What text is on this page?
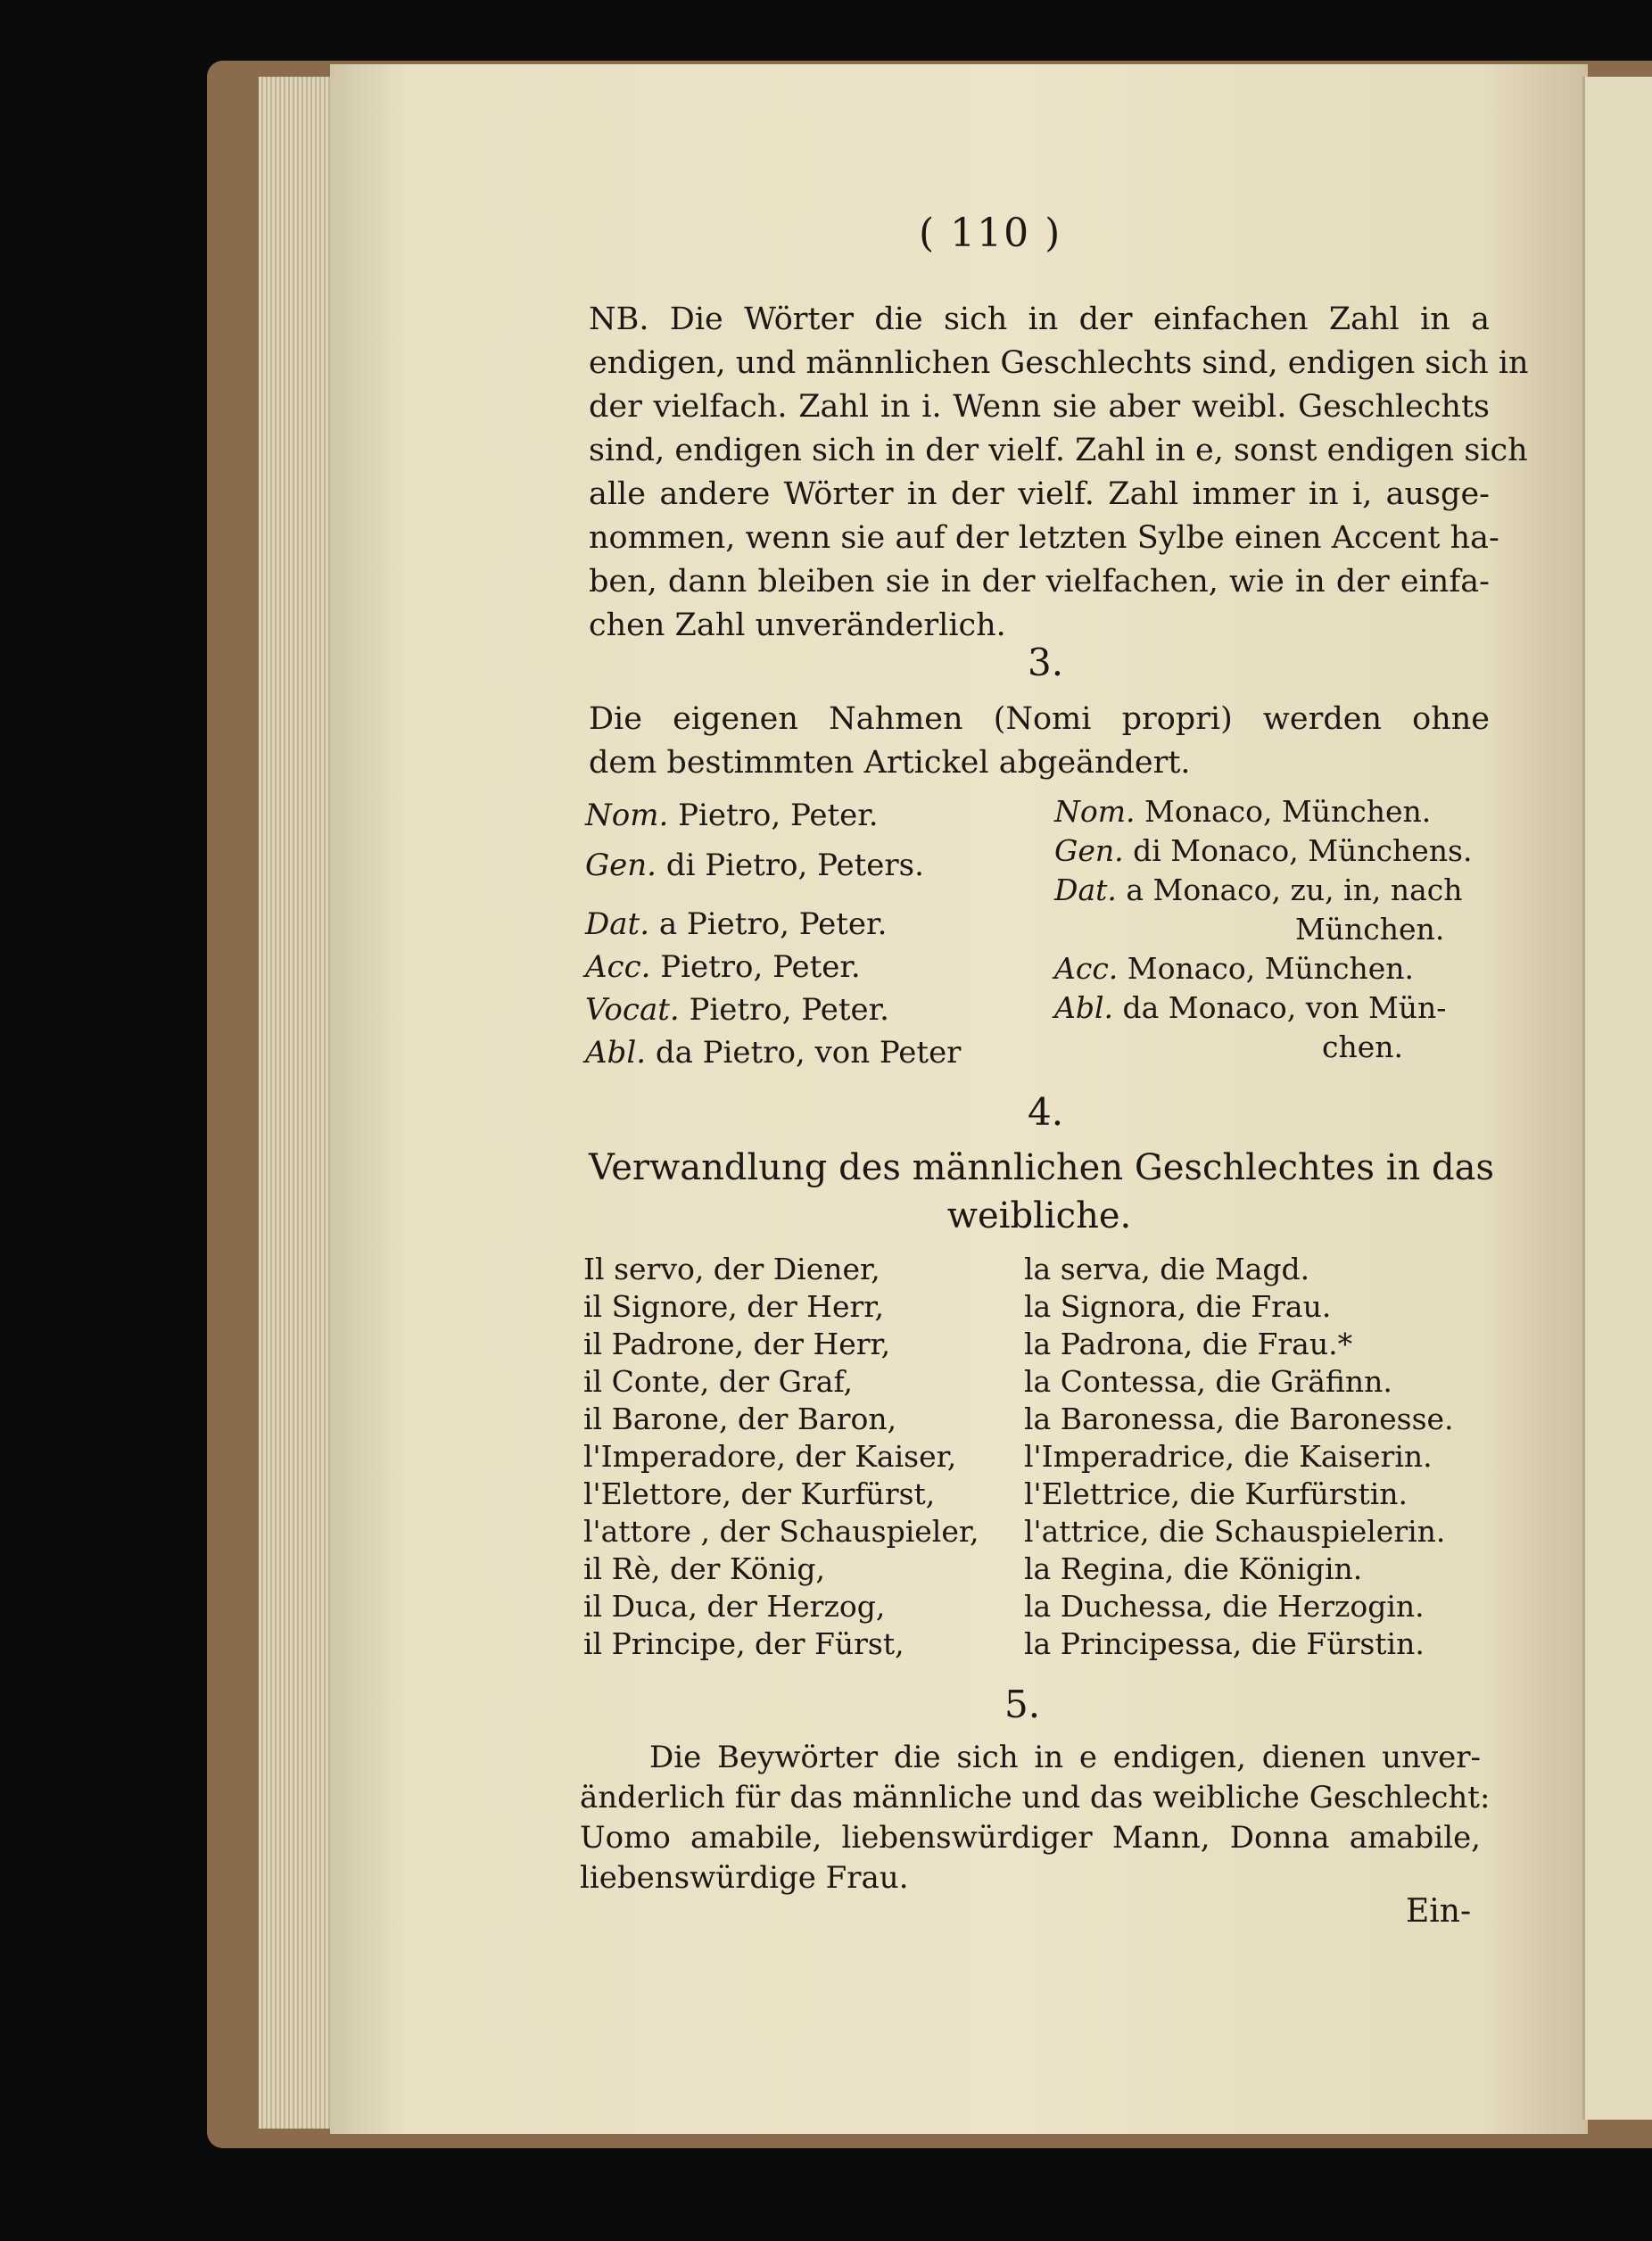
( 110 )
NB. Die Wörter die sich in der einfachen Zahl in a
endigen, und männlichen Geschlechts sind, endigen sich in
der vielfach. Zahl in i. Wenn sie aber weibl. Geschlechts
sind, endigen sich in der vielf. Zahl in e, sonst endigen sich
alle andere Wörter in der vielf. Zahl immer in i, ausge-
nommen, wenn sie auf der letzten Sylbe einen Accent ha-
ben, dann bleiben sie in der vielfachen, wie in der einfa-
chen Zahl unveränderlich.
3.
Die eigenen Nahmen (Nomi propri) werden ohne
dem bestimmten Artickel abgeändert.
Nom. Pietro, Peter.
Gen. di Pietro, Peters.
Dat. a Pietro, Peter.
Acc. Pietro, Peter.
Vocat. Pietro, Peter.
Abl. da Pietro, von Peter
Nom. Monaco, München.
Gen. di Monaco, Münchens.
Dat. a Monaco, zu, in, nach
München.
Acc. Monaco, München.
Abl. da Monaco, von Mün-
chen.
4.
Verwandlung des männlichen Geschlechtes in das
weibliche.
Il servo, der Diener,
il Signore, der Herr,
il Padrone, der Herr,
il Conte, der Graf,
il Barone, der Baron,
l'Imperadore, der Kaiser,
l'Elettore, der Kurfürst,
l'attore , der Schauspieler,
il Rè, der König,
il Duca, der Herzog,
il Principe, der Fürst,
la serva, die Magd.
la Signora, die Frau.
la Padrona, die Frau.*
la Contessa, die Gräfinn.
la Baronessa, die Baronesse.
l'Imperadrice, die Kaiserin.
l'Elettrice, die Kurfürstin.
l'attrice, die Schauspielerin.
la Regina, die Königin.
la Duchessa, die Herzogin.
la Principessa, die Fürstin.
5.
Die Beywörter die sich in e endigen, dienen unver-
änderlich für das männliche und das weibliche Geschlecht:
Uomo amabile, liebenswürdiger Mann, Donna amabile,
liebenswürdige Frau.
Ein-
